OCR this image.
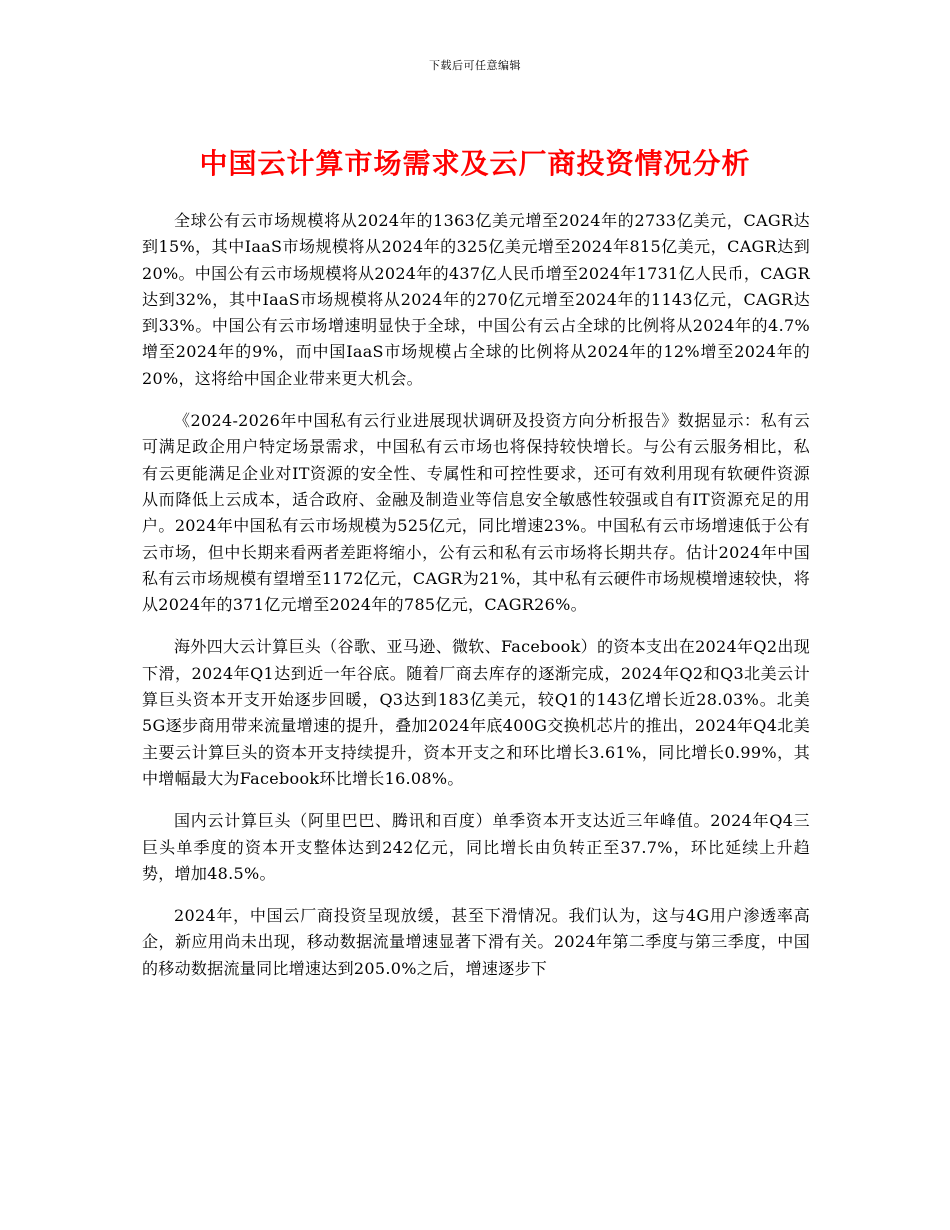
下载后可任意编辑
中国云计算市场需求及云厂商投资情况分析

全球公有云市场规模将从2024年的1363亿美元增至2024年的2733亿美元，CAGR达到15%，其中IaaS市场规模将从2024年的325亿美元增至2024年815亿美元，CAGR达到20%。中国公有云市场规模将从2024年的437亿人民币增至2024年1731亿人民币，CAGR达到32%，其中IaaS市场规模将从2024年的270亿元增至2024年的1143亿元，CAGR达到33%。中国公有云市场增速明显快于全球，中国公有云占全球的比例将从2024年的4.7%增至2024年的9%，而中国IaaS市场规模占全球的比例将从2024年的12%增至2024年的20%，这将给中国企业带来更大机会。

《2024-2026年中国私有云行业进展现状调研及投资方向分析报告》数据显示：私有云可满足政企用户特定场景需求，中国私有云市场也将保持较快增长。与公有云服务相比，私有云更能满足企业对IT资源的安全性、专属性和可控性要求，还可有效利用现有软硬件资源从而降低上云成本，适合政府、金融及制造业等信息安全敏感性较强或自有IT资源充足的用户。2024年中国私有云市场规模为525亿元，同比增速23%。中国私有云市场增速低于公有云市场，但中长期来看两者差距将缩小，公有云和私有云市场将长期共存。估计2024年中国私有云市场规模有望增至1172亿元，CAGR为21%，其中私有云硬件市场规模增速较快，将从2024年的371亿元增至2024年的785亿元，CAGR26%。

海外四大云计算巨头（谷歌、亚马逊、微软、Facebook）的资本支出在2024年Q2出现下滑，2024年Q1达到近一年谷底。随着厂商去库存的逐渐完成，2024年Q2和Q3北美云计算巨头资本开支开始逐步回暖，Q3达到183亿美元，较Q1的143亿增长近28.03%。北美5G逐步商用带来流量增速的提升，叠加2024年底400G交换机芯片的推出，2024年Q4北美主要云计算巨头的资本开支持续提升，资本开支之和环比增长3.61%，同比增长0.99%，其中增幅最大为Facebook环比增长16.08%。

国内云计算巨头（阿里巴巴、腾讯和百度）单季资本开支达近三年峰值。2024年Q4三巨头单季度的资本开支整体达到242亿元，同比增长由负转正至37.7%，环比延续上升趋势，增加48.5%。

2024年，中国云厂商投资呈现放缓，甚至下滑情况。我们认为，这与4G用户渗透率高企，新应用尚未出现，移动数据流量增速显著下滑有关。2024年第二季度与第三季度，中国的移动数据流量同比增速达到205.0%之后，增速逐步下
